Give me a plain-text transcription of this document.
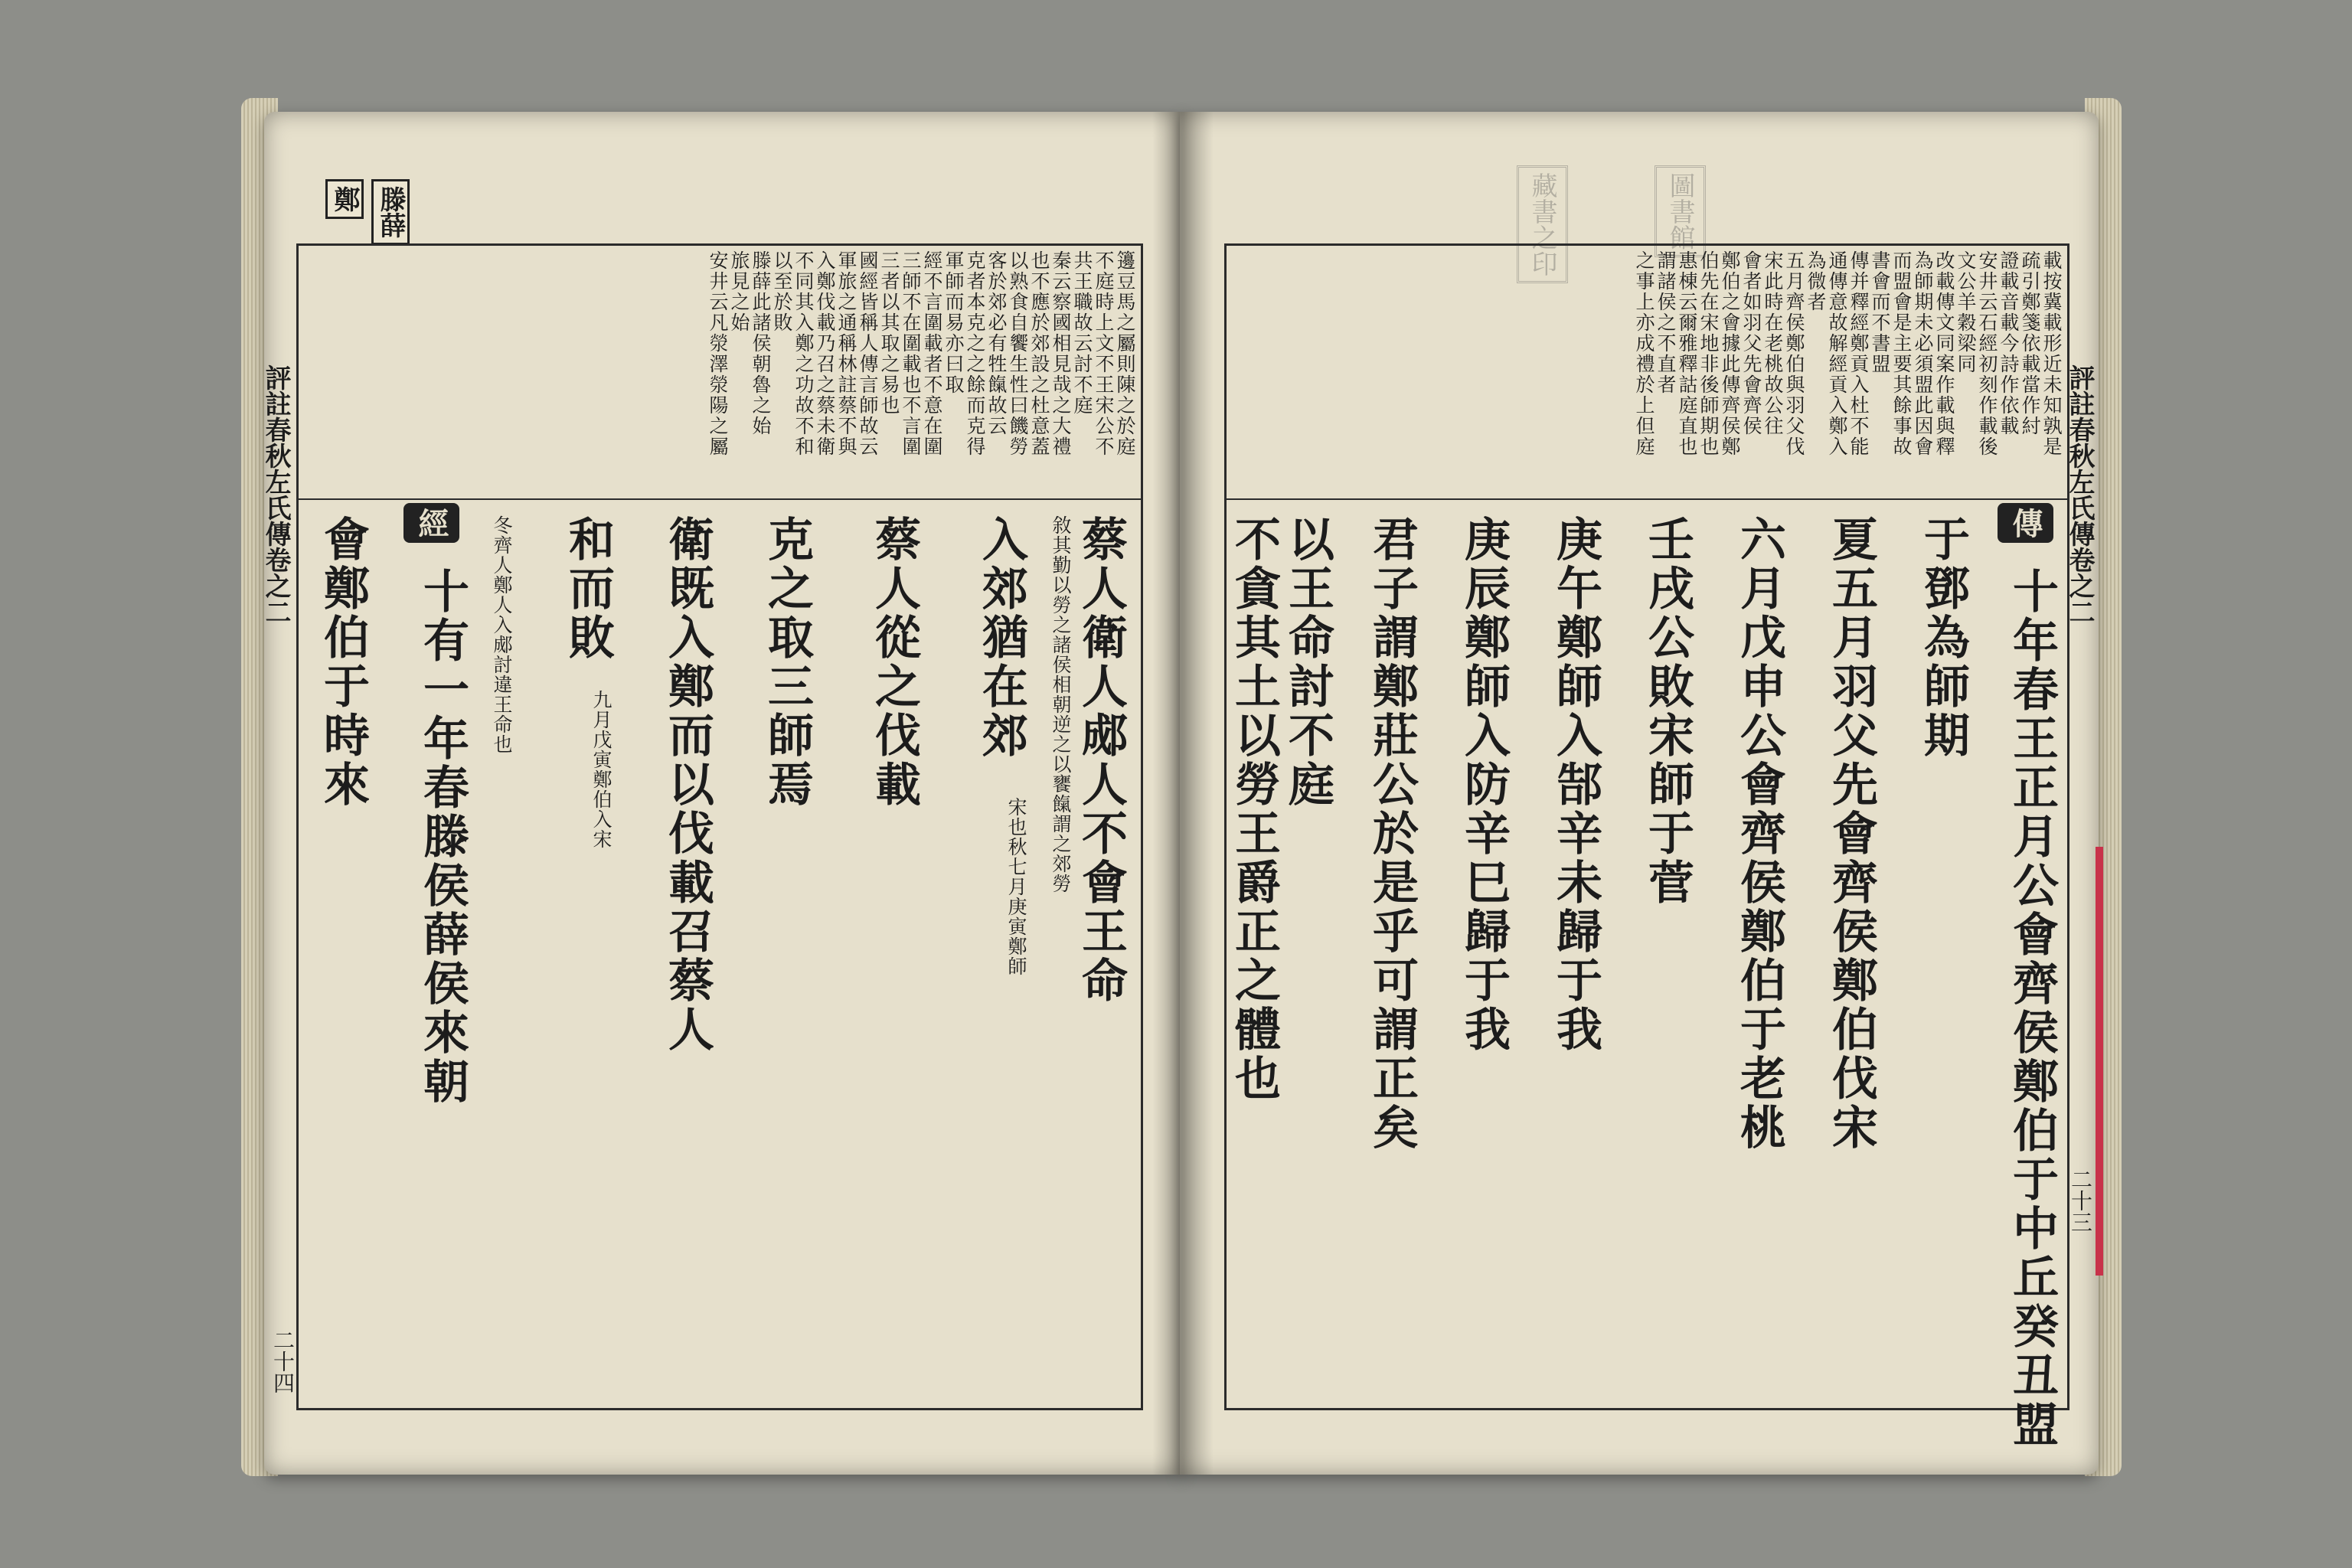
鄭 滕薛
籩豆馬之屬則陳之於庭
不庭時上文不王宋公不
共王職故云討不庭
秦云察國相見哉之大禮
也不應於郊設之杜意蓋
以熟食自饗生性曰饑勞
客於郊必有牲餼故云
克者本克之之餘而克得
軍師而易亦曰取
經不言圍載者不意在圍
三師不在圍載也不言圍
三者以其取之易也
國經皆稱人傳言師故云
軍旅之通稱林註蔡不與
入鄭伐載乃召之蔡未衛
不同其入鄭之功故不和
以至於敗
滕薛此諸侯朝魯之始
旅見之始
安井云凡滎澤滎陽之屬
蔡人衛人郕人不會王命
敘其勤以勞之諸侯相朝逆之以饔餼謂之郊勞
入郊猶在郊
宋也秋七月庚寅鄭師
蔡人從之伐載
克之取三師焉
衛既入鄭而以伐載召蔡人
和而敗
九月戊寅鄭伯入宋
經
十有一年春滕侯薛侯來朝
會鄭伯于時來	冬齊人鄭人入郕討違王命也
評註春秋左氏傳卷之二
二十四
藏書之印	圖書館
載按冀載形近未知孰是
疏引鄭箋依載當作紂
證載音載今詩作依載
安井云石經初刻作載後
文公羊穀梁同
改載傳文同案作載與釋
為師期未必須盟此因會
而盟會是主要其餘事故
書會而不書盟
傳并釋經鄭貢入杜不能
通傳意故解經貢入鄭入
為微者
五月齊侯鄭伯與羽父伐
宋此時在老桃故公往
會者如羽父先會齊侯
鄭伯之會據此傳齊侯鄭
伯先在宋地非後師期也
惠棟云爾雅釋詁庭直也
謂諸侯之不直者
之事上亦成禮於上但庭
傳
十年春王正月公會齊侯鄭伯于中丘癸丑盟
于鄧為師期
夏五月羽父先會齊侯鄭伯伐宋
六月戊申公會齊侯鄭伯于老桃
壬戌公敗宋師于菅
庚午鄭師入郜辛未歸于我
庚辰鄭師入防辛巳歸于我
君子謂鄭莊公於是乎可謂正矣
以王命討不庭
不貪其土以勞王爵正之體也
評註春秋左氏傳卷之二
二十三
